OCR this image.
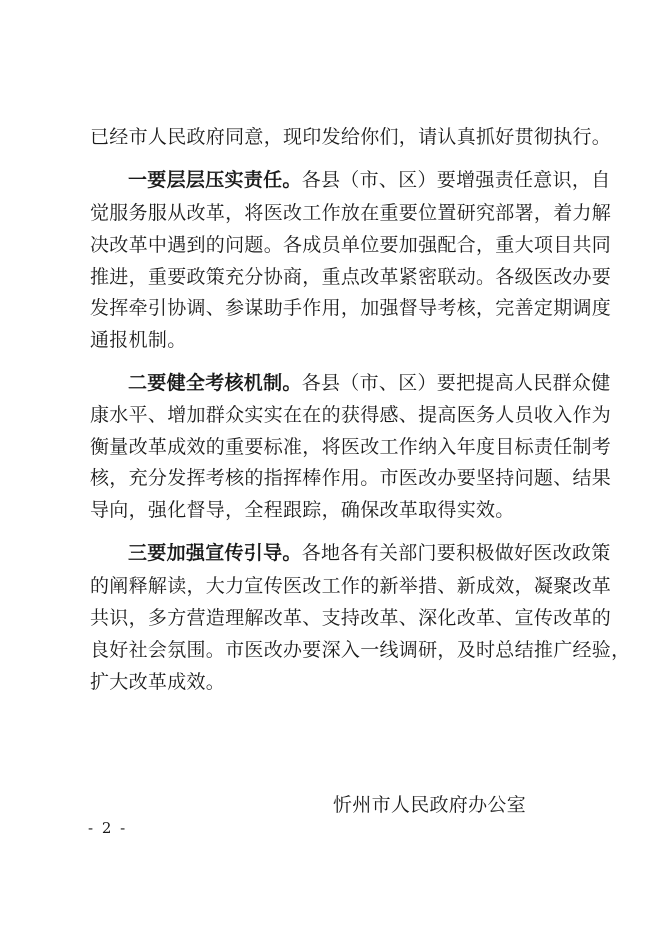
已经市人民政府同意，现印发给你们，请认真抓好贯彻执行。

一要层层压实责任。各县（市、区）要增强责任意识，自

觉服务服从改革，将医改工作放在重要位置研究部署，着力解

决改革中遇到的问题。各成员单位要加强配合，重大项目共同

推进，重要政策充分协商，重点改革紧密联动。各级医改办要

发挥牵引协调、参谋助手作用，加强督导考核，完善定期调度

通报机制。

二要健全考核机制。各县（市、区）要把提高人民群众健

康水平、增加群众实实在在的获得感、提高医务人员收入作为

衡量改革成效的重要标准，将医改工作纳入年度目标责任制考

核，充分发挥考核的指挥棒作用。市医改办要坚持问题、结果

导向，强化督导，全程跟踪，确保改革取得实效。

三要加强宣传引导。各地各有关部门要积极做好医改政策

的阐释解读，大力宣传医改工作的新举措、新成效，凝聚改革

共识，多方营造理解改革、支持改革、深化改革、宣传改革的

良好社会氛围。市医改办要深入一线调研，及时总结推广经验，

扩大改革成效。

忻州市人民政府办公室

- 2 -
